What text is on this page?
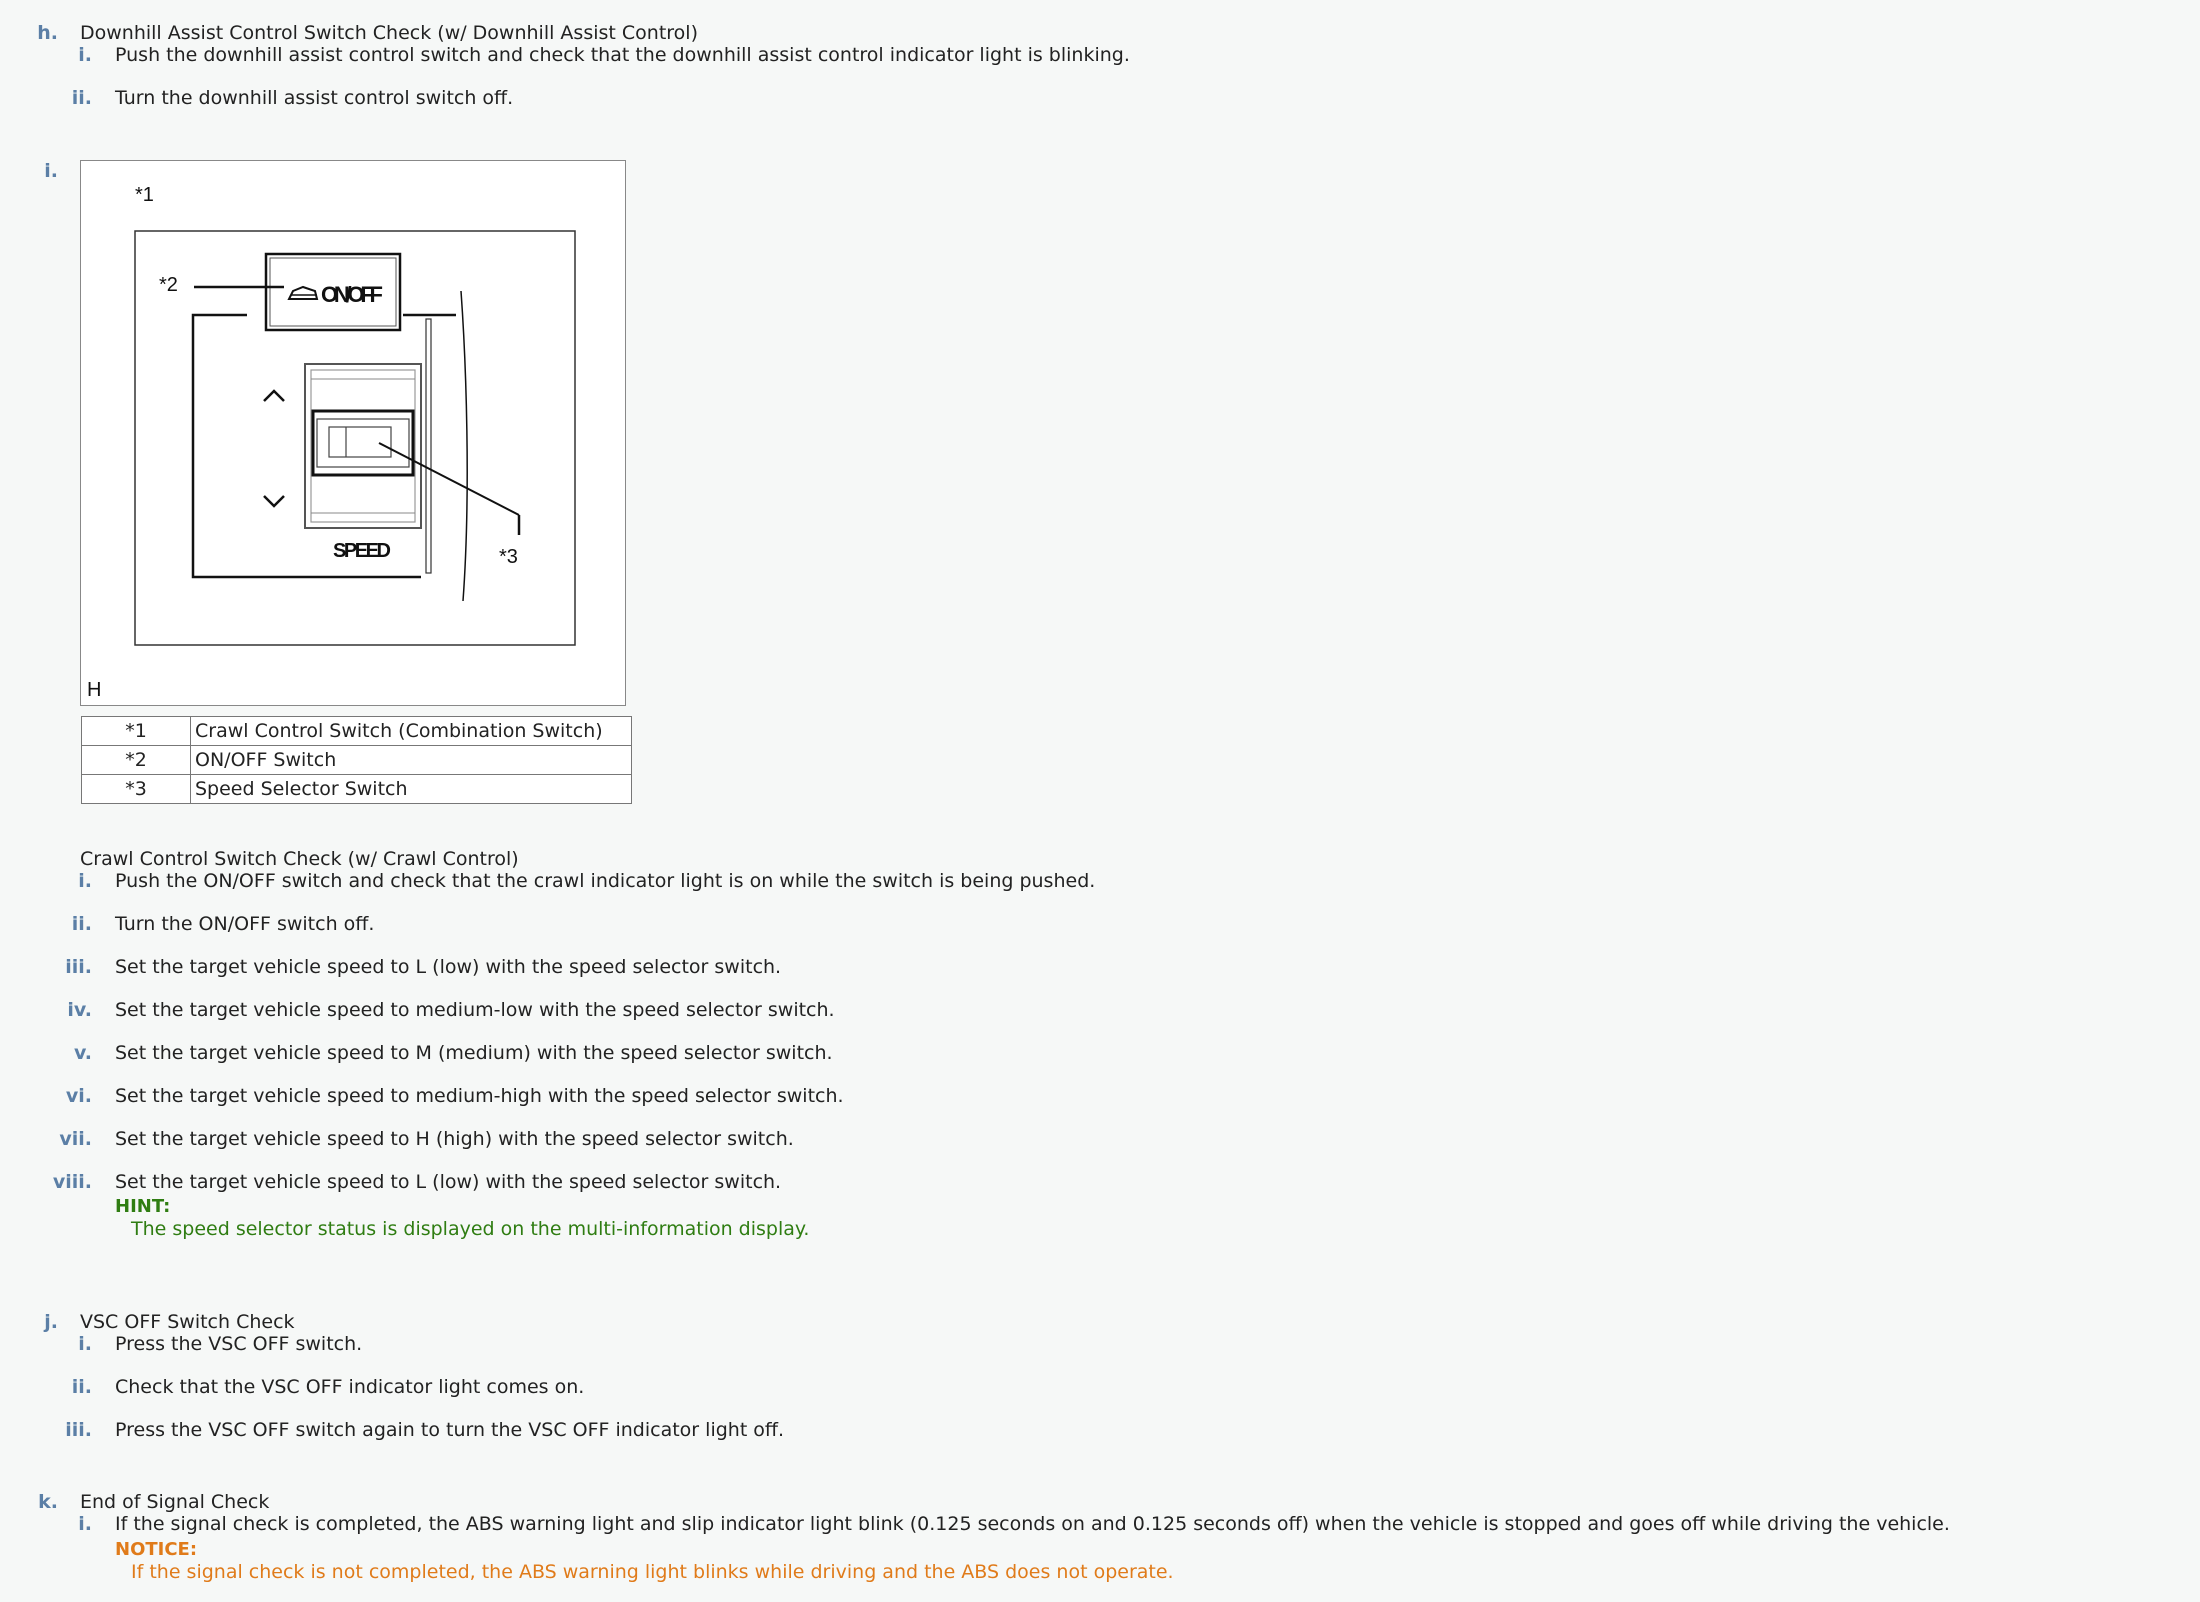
h. Downhill Assist Control Switch Check (w/ Downhill Assist Control)
i. Push the downhill assist control switch and check that the downhill assist control indicator light is blinking.
ii. Turn the downhill assist control switch off.
i.
*1
ON/OFF
*2
SPEED	*3
H
*1	Crawl Control Switch (Combination Switch)
*2	ON/OFF Switch
*3	Speed Selector Switch
Crawl Control Switch Check (w/ Crawl Control)
i. Push the ON/OFF switch and check that the crawl indicator light is on while the switch is being pushed.
ii. Turn the ON/OFF switch off.
iii. Set the target vehicle speed to L (low) with the speed selector switch.
iv. Set the target vehicle speed to medium-low with the speed selector switch.
v. Set the target vehicle speed to M (medium) with the speed selector switch.
vi. Set the target vehicle speed to medium-high with the speed selector switch.
vii. Set the target vehicle speed to H (high) with the speed selector switch.
viii. Set the target vehicle speed to L (low) with the speed selector switch.
HINT:
The speed selector status is displayed on the multi-information display.
j. VSC OFF Switch Check
i. Press the VSC OFF switch.
ii. Check that the VSC OFF indicator light comes on.
iii. Press the VSC OFF switch again to turn the VSC OFF indicator light off.
k. End of Signal Check
i. If the signal check is completed, the ABS warning light and slip indicator light blink (0.125 seconds on and 0.125 seconds off) when the vehicle is stopped and goes off while driving the vehicle.
NOTICE:
If the signal check is not completed, the ABS warning light blinks while driving and the ABS does not operate.
